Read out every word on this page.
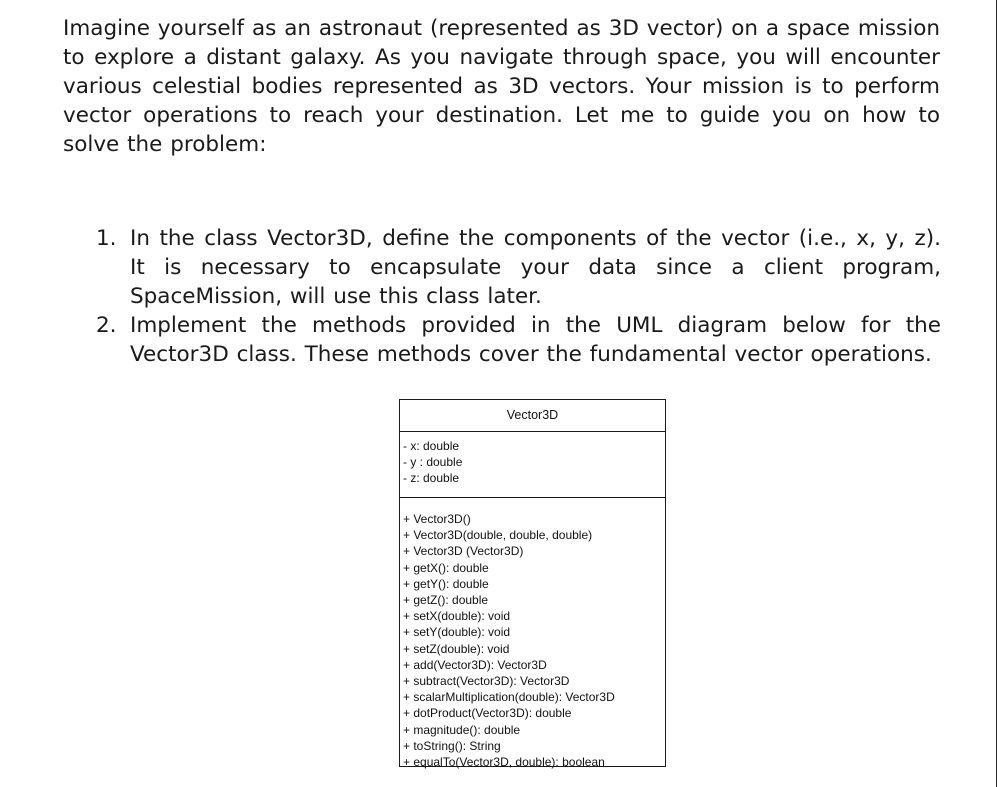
Imagine yourself as an astronaut (represented as 3D vector) on a space mission to explore a distant galaxy. As you navigate through space, you will encounter various celestial bodies represented as 3D vectors. Your mission is to perform vector operations to reach your destination. Let me to guide you on how to solve the problem:

1. In the class Vector3D, define the components of the vector (i.e., x, y, z). It is necessary to encapsulate your data since a client program, SpaceMission, will use this class later.
2. Implement the methods provided in the UML diagram below for the Vector3D class. These methods cover the fundamental vector operations.
Vector3D
- x: double
- y : double
- z: double
+ Vector3D()
+ Vector3D(double, double, double)
+ Vector3D (Vector3D)
+ getX(): double
+ getY(): double
+ getZ(): double
+ setX(double): void
+ setY(double): void
+ setZ(double): void
+ add(Vector3D): Vector3D
+ subtract(Vector3D): Vector3D
+ scalarMultiplication(double): Vector3D
+ dotProduct(Vector3D): double
+ magnitude(): double
+ toString(): String
+ equalTo(Vector3D, double): boolean
